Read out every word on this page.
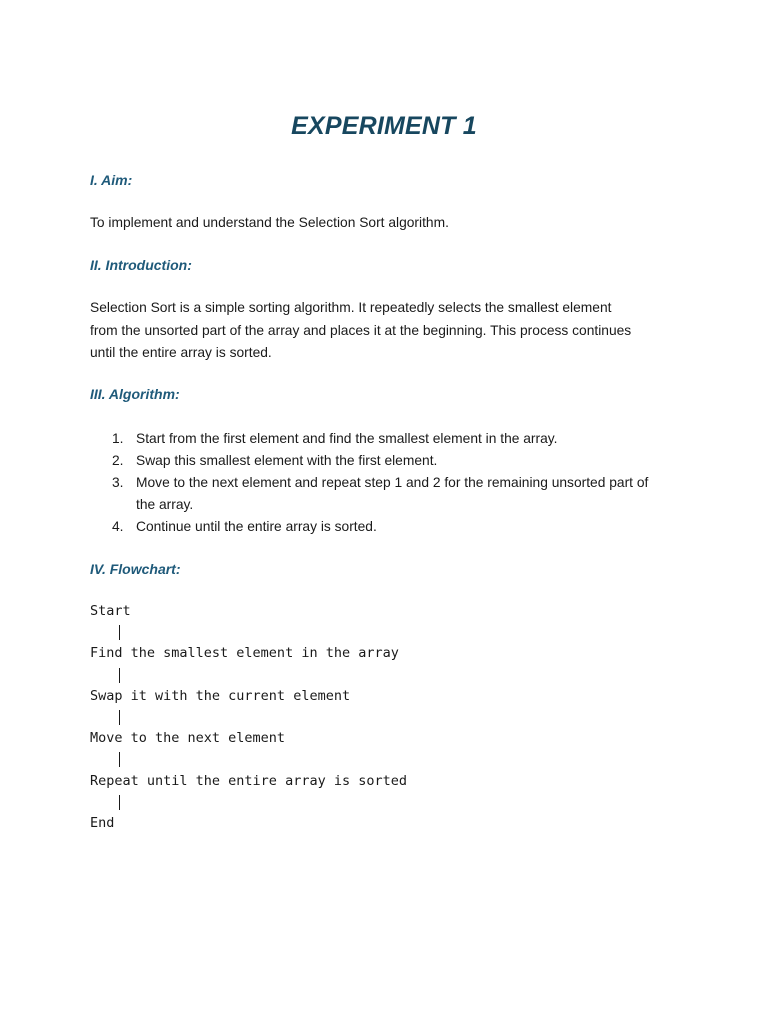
EXPERIMENT 1
I. Aim:

To implement and understand the Selection Sort algorithm.

II. Introduction:

Selection Sort is a simple sorting algorithm. It repeatedly selects the smallest element
from the unsorted part of the array and places it at the beginning. This process continues
until the entire array is sorted.

III. Algorithm:
1. Start from the first element and find the smallest element in the array.
2. Swap this smallest element with the first element.
3. Move to the next element and repeat step 1 and 2 for the remaining unsorted part of
the array.
4. Continue until the entire array is sorted.
IV. Flowchart:
Start
Find the smallest element in the array
Swap it with the current element
Move to the next element
Repeat until the entire array is sorted
End
